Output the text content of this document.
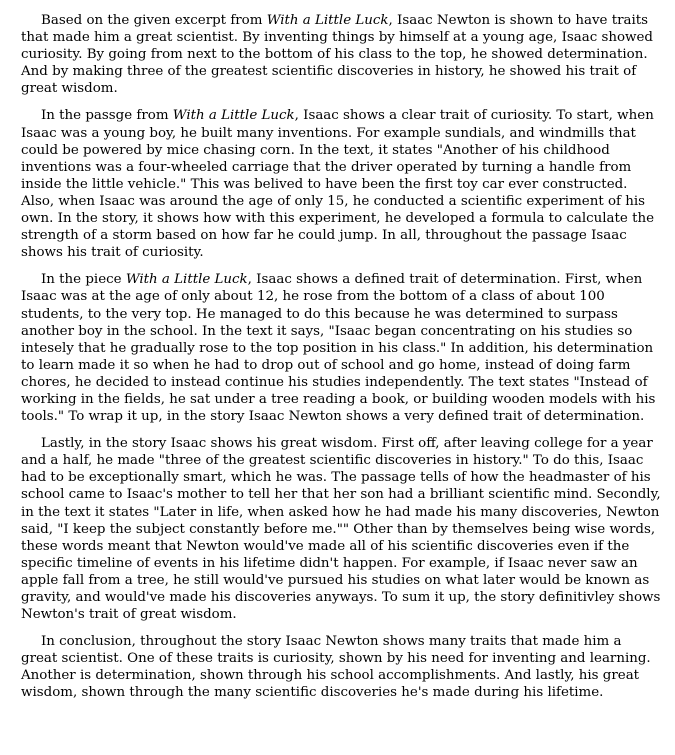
Based on the given excerpt from With a Little Luck, Isaac Newton is shown to have traits that made him a great scientist. By inventing things by himself at a young age, Isaac showed curiosity. By going from next to the bottom of his class to the top, he showed determination. And by making three of the greatest scientific discoveries in history, he showed his trait of great wisdom.

In the passge from With a Little Luck, Isaac shows a clear trait of curiosity. To start, when Isaac was a young boy, he built many inventions. For example sundials, and windmills that could be powered by mice chasing corn. In the text, it states "Another of his childhood inventions was a four-wheeled carriage that the driver operated by turning a handle from inside the little vehicle." This was belived to have been the first toy car ever constructed. Also, when Isaac was around the age of only 15, he conducted a scientific experiment of his own. In the story, it shows how with this experiment, he developed a formula to calculate the strength of a storm based on how far he could jump. In all, throughout the passage Isaac shows his trait of curiosity.

In the piece With a Little Luck, Isaac shows a defined trait of determination. First, when Isaac was at the age of only about 12, he rose from the bottom of a class of about 100 students, to the very top. He managed to do this because he was determined to surpass another boy in the school. In the text it says, "Isaac began concentrating on his studies so intesely that he gradually rose to the top position in his class." In addition, his determination to learn made it so when he had to drop out of school and go home, instead of doing farm chores, he decided to instead continue his studies independently. The text states "Instead of working in the fields, he sat under a tree reading a book, or building wooden models with his tools." To wrap it up, in the story Isaac Newton shows a very defined trait of determination.

Lastly, in the story Isaac shows his great wisdom. First off, after leaving college for a year and a half, he made "three of the greatest scientific discoveries in history." To do this, Isaac had to be exceptionally smart, which he was. The passage tells of how the headmaster of his school came to Isaac's mother to tell her that her son had a brilliant scientific mind. Secondly, in the text it states "Later in life, when asked how he had made his many discoveries, Newton said, "I keep the subject constantly before me."" Other than by themselves being wise words, these words meant that Newton would've made all of his scientific discoveries even if the specific timeline of events in his lifetime didn't happen. For example, if Isaac never saw an apple fall from a tree, he still would've pursued his studies on what later would be known as gravity, and would've made his discoveries anyways. To sum it up, the story definitivley shows Newton's trait of great wisdom.

In conclusion, throughout the story Isaac Newton shows many traits that made him a great scientist. One of these traits is curiosity, shown by his need for inventing and learning. Another is determination, shown through his school accomplishments. And lastly, his great wisdom, shown through the many scientific discoveries he's made during his lifetime.
